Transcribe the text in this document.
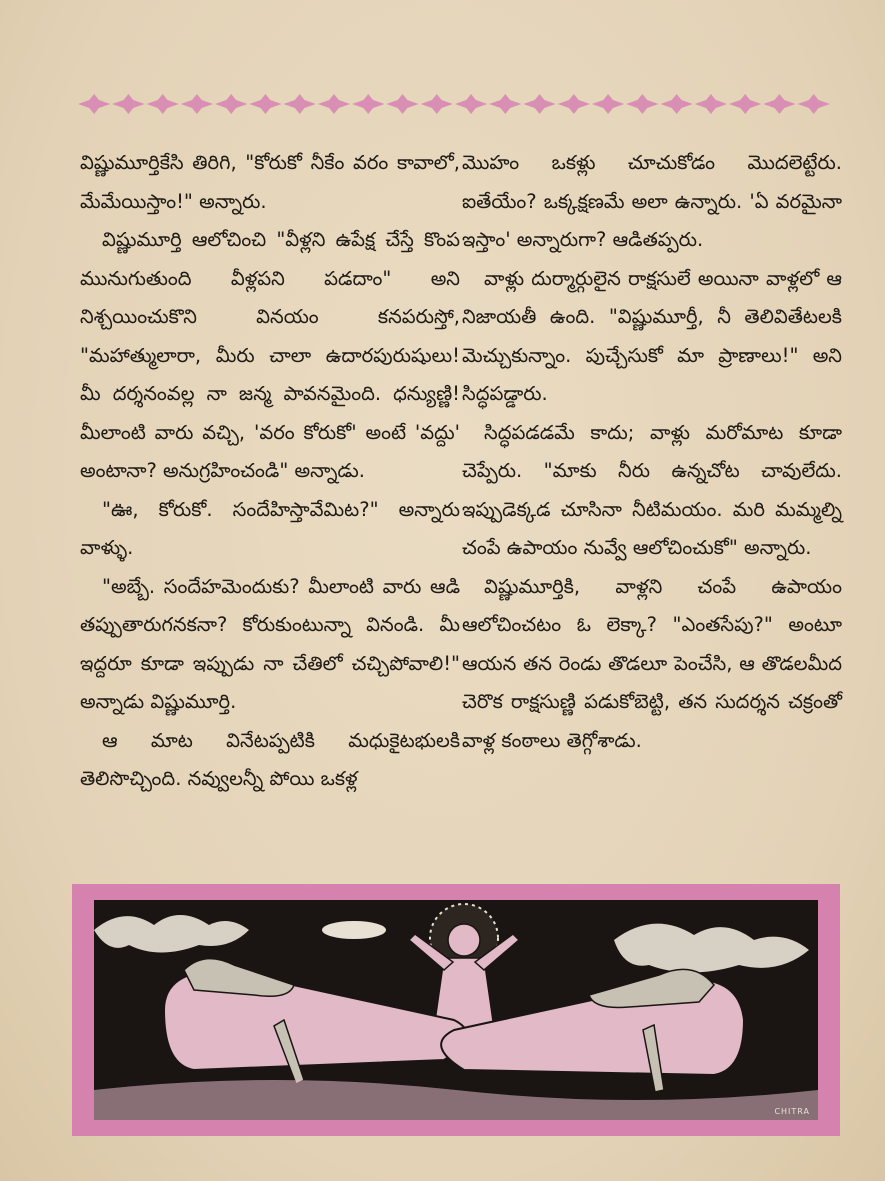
విష్ణుమూర్తికేసి తిరిగి, "కోరుకో నీకేం వరం కావాలో, మేమేయిస్తాం!" అన్నారు.

విష్ణుమూర్తి ఆలోచించి "వీళ్లని ఉపేక్ష చేస్తే కొంప మునుగుతుంది వీళ్లపని పడదాం" అని నిశ్చయించుకొని వినయం కనపరుస్తో, "మహాత్ములారా, మీరు చాలా ఉదారపురుషులు! మీ దర్శనంవల్ల నా జన్మ పావనమైంది. ధన్యుణ్ణి! మీలాంటి వారు వచ్చి, 'వరం కోరుకో' అంటే 'వద్దు' అంటానా? అనుగ్రహించండి" అన్నాడు.

"ఊ, కోరుకో. సందేహిస్తావేమిట?" అన్నారు వాళ్ళు.

"అబ్బే. సందేహమెందుకు? మీలాంటి వారు ఆడి తప్పుతారుగనకనా? కోరుకుంటున్నా వినండి. మీ ఇద్దరూ కూడా ఇప్పుడు నా చేతిలో చచ్చిపోవాలి!" అన్నాడు విష్ణుమూర్తి.

ఆ మాట వినేటప్పటికి మధుకైటభులకి తెలిసొచ్చింది. నవ్వులన్నీ పోయి ఒకళ్ల

మొహం ఒకళ్లు చూచుకోడం మొదలెట్టేరు. ఐతేయేం? ఒక్కక్షణమే అలా ఉన్నారు. 'ఏ వరమైనా ఇస్తాం' అన్నారుగా? ఆడితప్పరు.

వాళ్లు దుర్మార్గులైన రాక్షసులే అయినా వాళ్లలో ఆ నిజాయతీ ఉంది. "విష్ణుమూర్తీ, నీ తెలివితేటలకి మెచ్చుకున్నాం. పుచ్చేసుకో మా ప్రాణాలు!" అని సిద్ధపడ్డారు.

సిద్ధపడడమే కాదు; వాళ్లు మరోమాట కూడా చెప్పేరు. "మాకు నీరు ఉన్నచోట చావులేదు. ఇప్పుడెక్కడ చూసినా నీటిమయం. మరి మమ్మల్ని చంపే ఉపాయం నువ్వే ఆలోచించుకో" అన్నారు.

విష్ణుమూర్తికి, వాళ్లని చంపే ఉపాయం ఆలోచించటం ఓ లెక్కా? "ఎంతసేపు?" అంటూ ఆయన తన రెండు తొడలూ పెంచేసి, ఆ తొడలమీద చెరొక రాక్షసుణ్ణి పడుకోబెట్టి, తన సుదర్శన చక్రంతో వాళ్ల కంఠాలు తెగ్గోశాడు.

CHITRA
